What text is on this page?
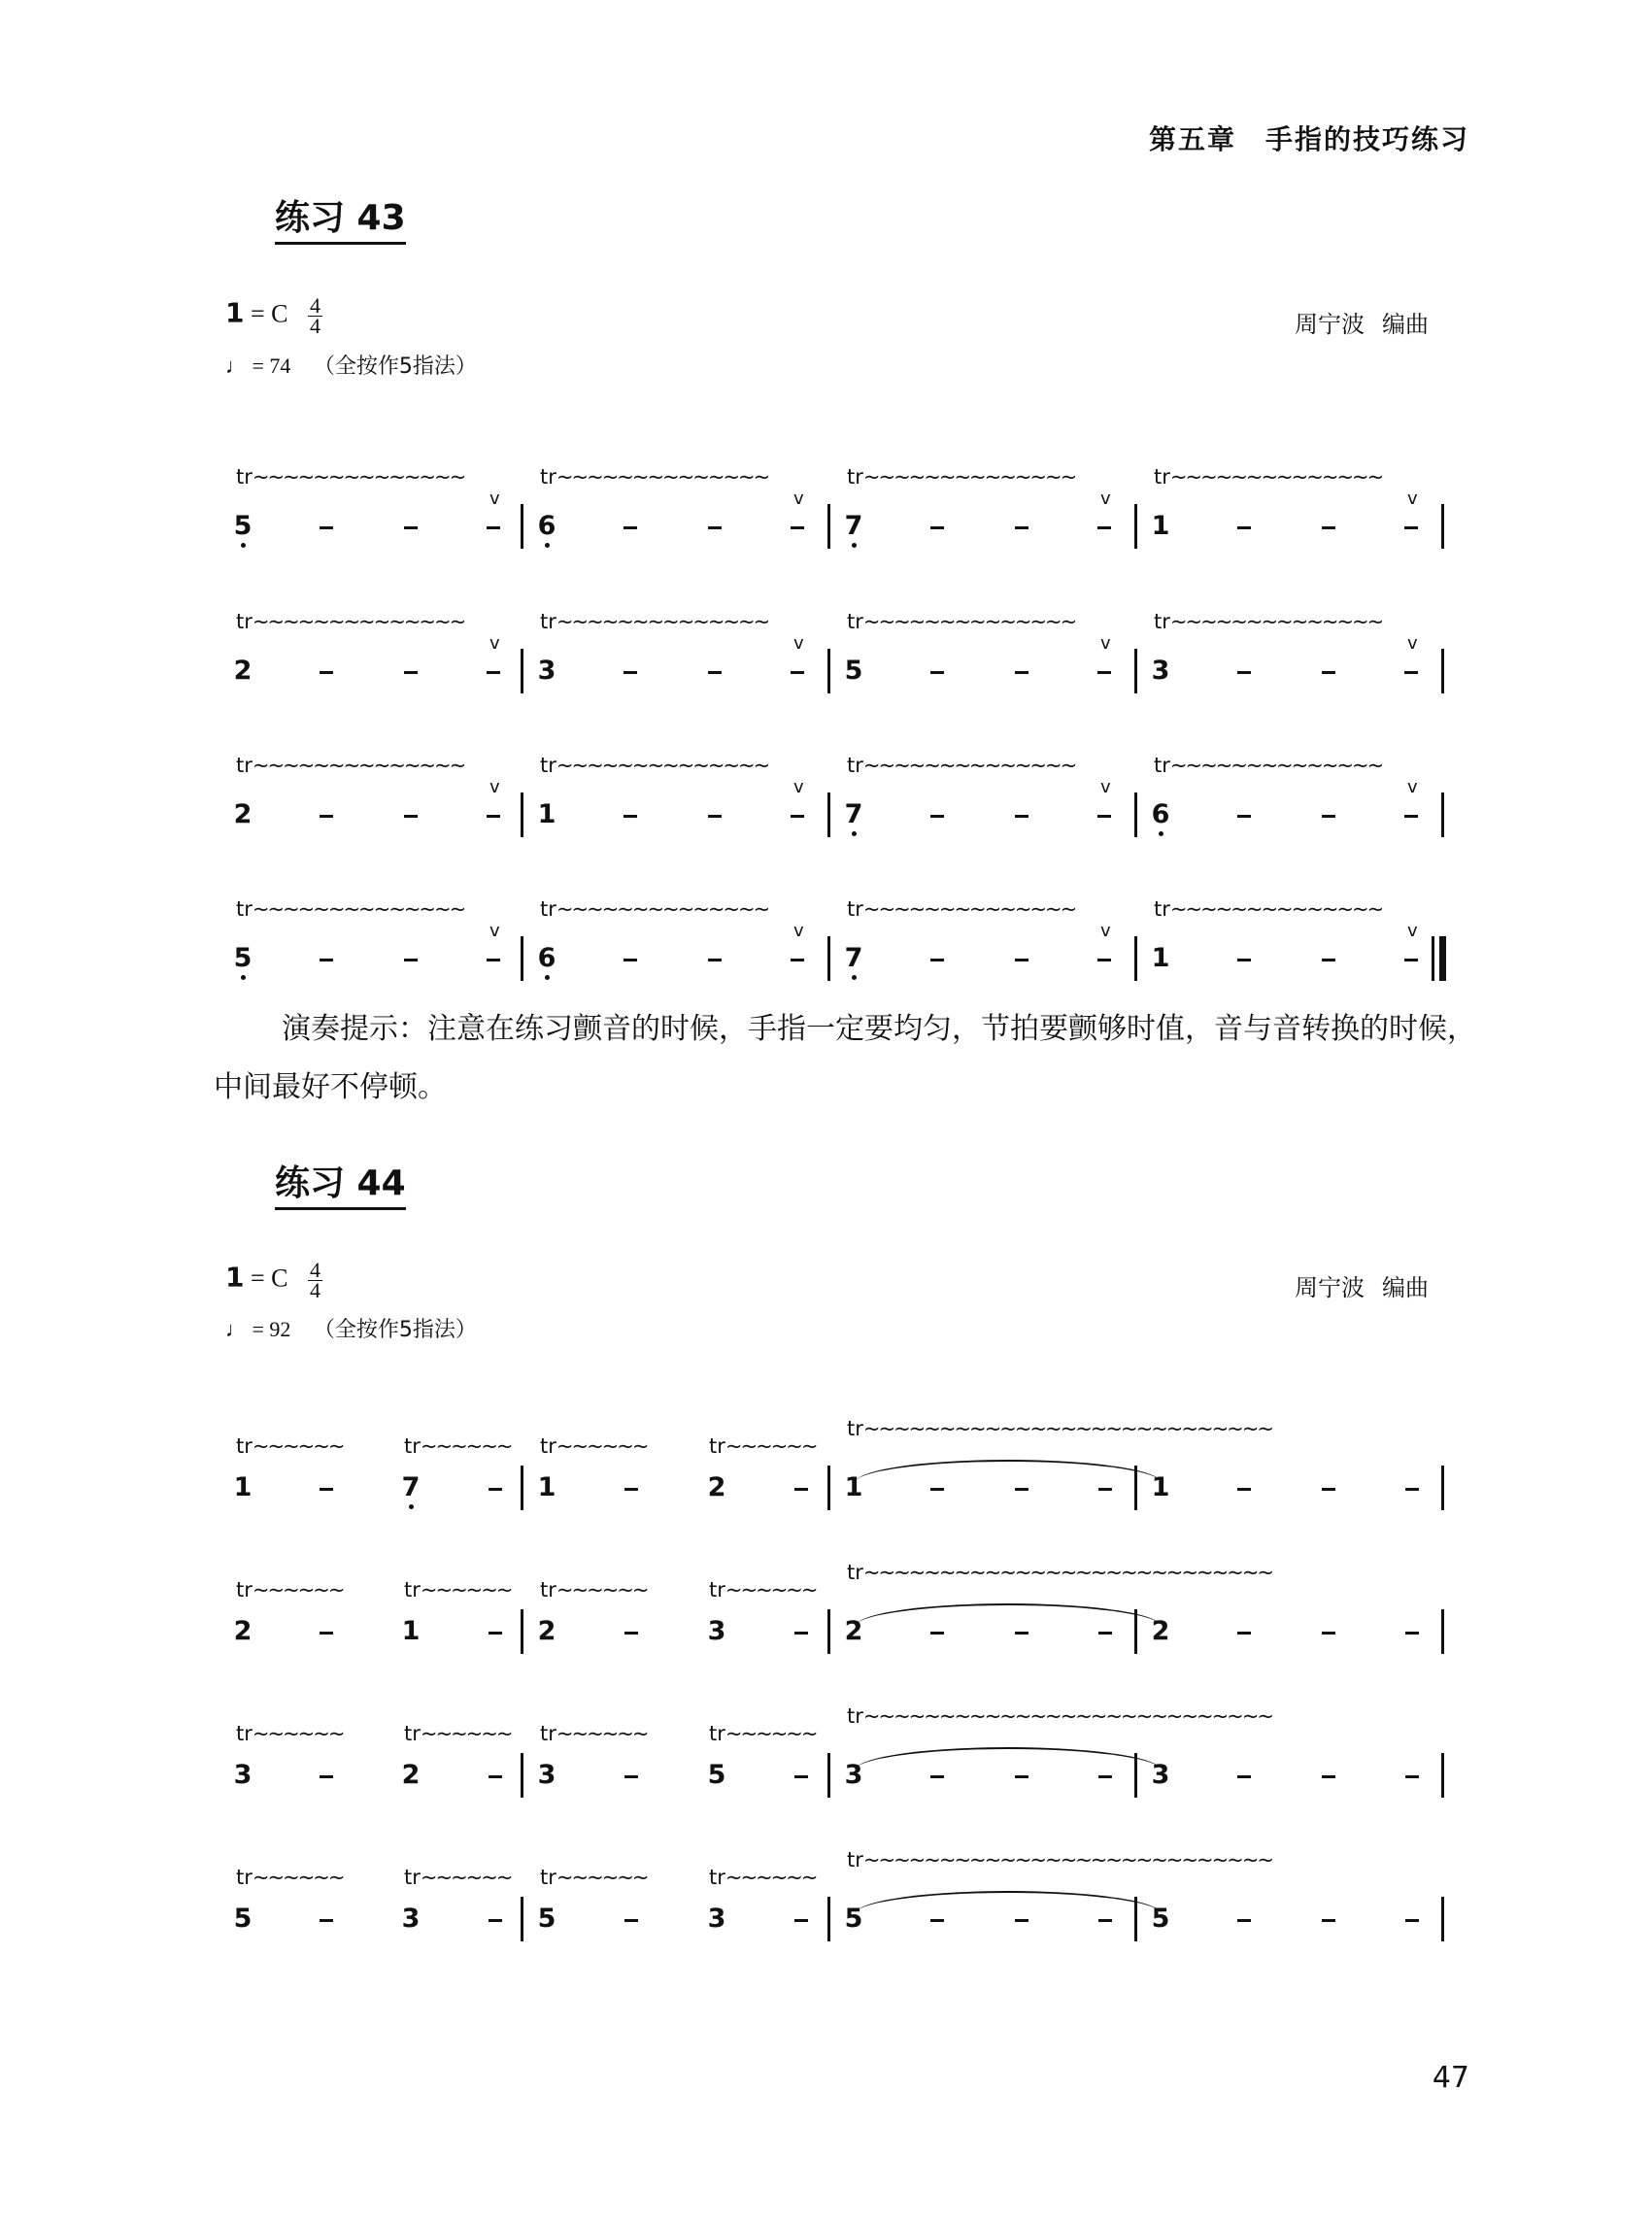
第五章　手指的技巧练习
练习 43
1 = C $\frac{4}{4}$
♩ = 74 （全按作5指法）
周宁波 编曲
tr~~~~~~~~~~~~~~
v
5
tr~~~~~~~~~~~~~~
v
6
tr~~~~~~~~~~~~~~
v
7
tr~~~~~~~~~~~~~~
v
1
tr~~~~~~~~~~~~~~
v
2
tr~~~~~~~~~~~~~~
v
3
tr~~~~~~~~~~~~~~
v
5
tr~~~~~~~~~~~~~~
v
3
tr~~~~~~~~~~~~~~
v
2
tr~~~~~~~~~~~~~~
v
1
tr~~~~~~~~~~~~~~
v
7
tr~~~~~~~~~~~~~~
v
6
tr~~~~~~~~~~~~~~
v
5
tr~~~~~~~~~~~~~~
v
6
tr~~~~~~~~~~~~~~
v
7
tr~~~~~~~~~~~~~~
v
1
演奏提示：注意在练习颤音的时候，手指一定要均匀，节拍要颤够时值，音与音转换的时候，中间最好不停顿。
练习 44
1 = C $\frac{4}{4}$
♩ = 92 （全按作5指法）
周宁波 编曲
tr~~~~~~	tr~~~~~~ tr~~~~~~	tr~~~~~~
tr~~~~~~~~~~~~~~~~~~~~~~~~~~~
1	7	1	2	1	1
tr~~~~~~	tr~~~~~~ tr~~~~~~	tr~~~~~~
tr~~~~~~~~~~~~~~~~~~~~~~~~~~~
2	1	2	3	2	2
tr~~~~~~	tr~~~~~~ tr~~~~~~	tr~~~~~~
tr~~~~~~~~~~~~~~~~~~~~~~~~~~~
3	2	3	5	3	3
tr~~~~~~	tr~~~~~~ tr~~~~~~	tr~~~~~~
tr~~~~~~~~~~~~~~~~~~~~~~~~~~~
5	3	5	3	5	5
47
